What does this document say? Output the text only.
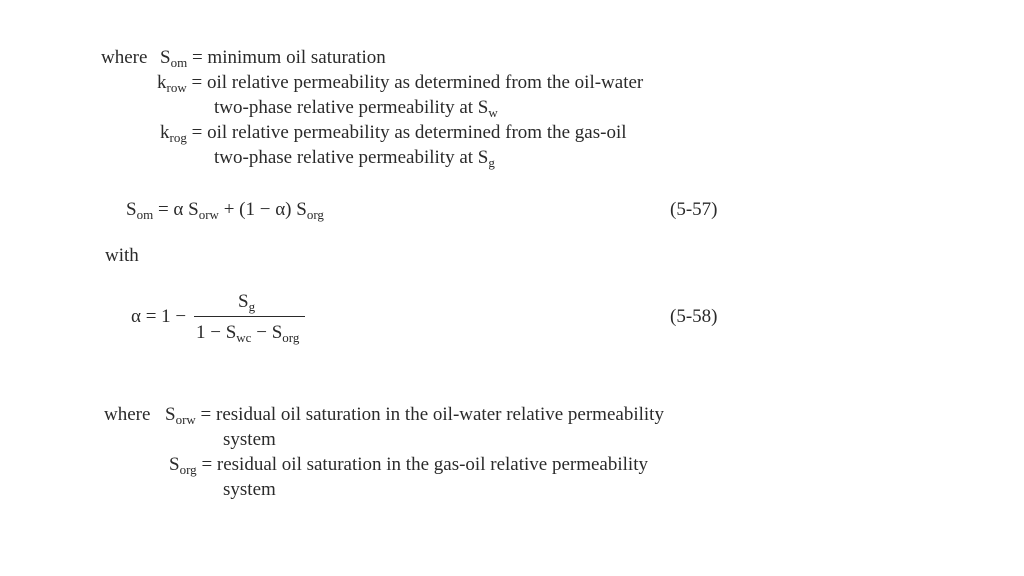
where $S_{om}$ = minimum oil saturation
$k_{row}$ = oil relative permeability as determined from the oil-water
two-phase relative permeability at $S_w$
$k_{rog}$ = oil relative permeability as determined from the gas-oil
two-phase relative permeability at $S_g$
$S_{om} = \alpha$ $S_{orw} + (1 - \alpha)$ $S_{org}$	(5-57)
with
α = 1 −
$S_g$
$1 - S_{wc} - S_{org}$
(5-58)
where $S_{orw}$ = residual oil saturation in the oil-water relative permeability
system
$S_{org}$ = residual oil saturation in the gas-oil relative permeability
system
